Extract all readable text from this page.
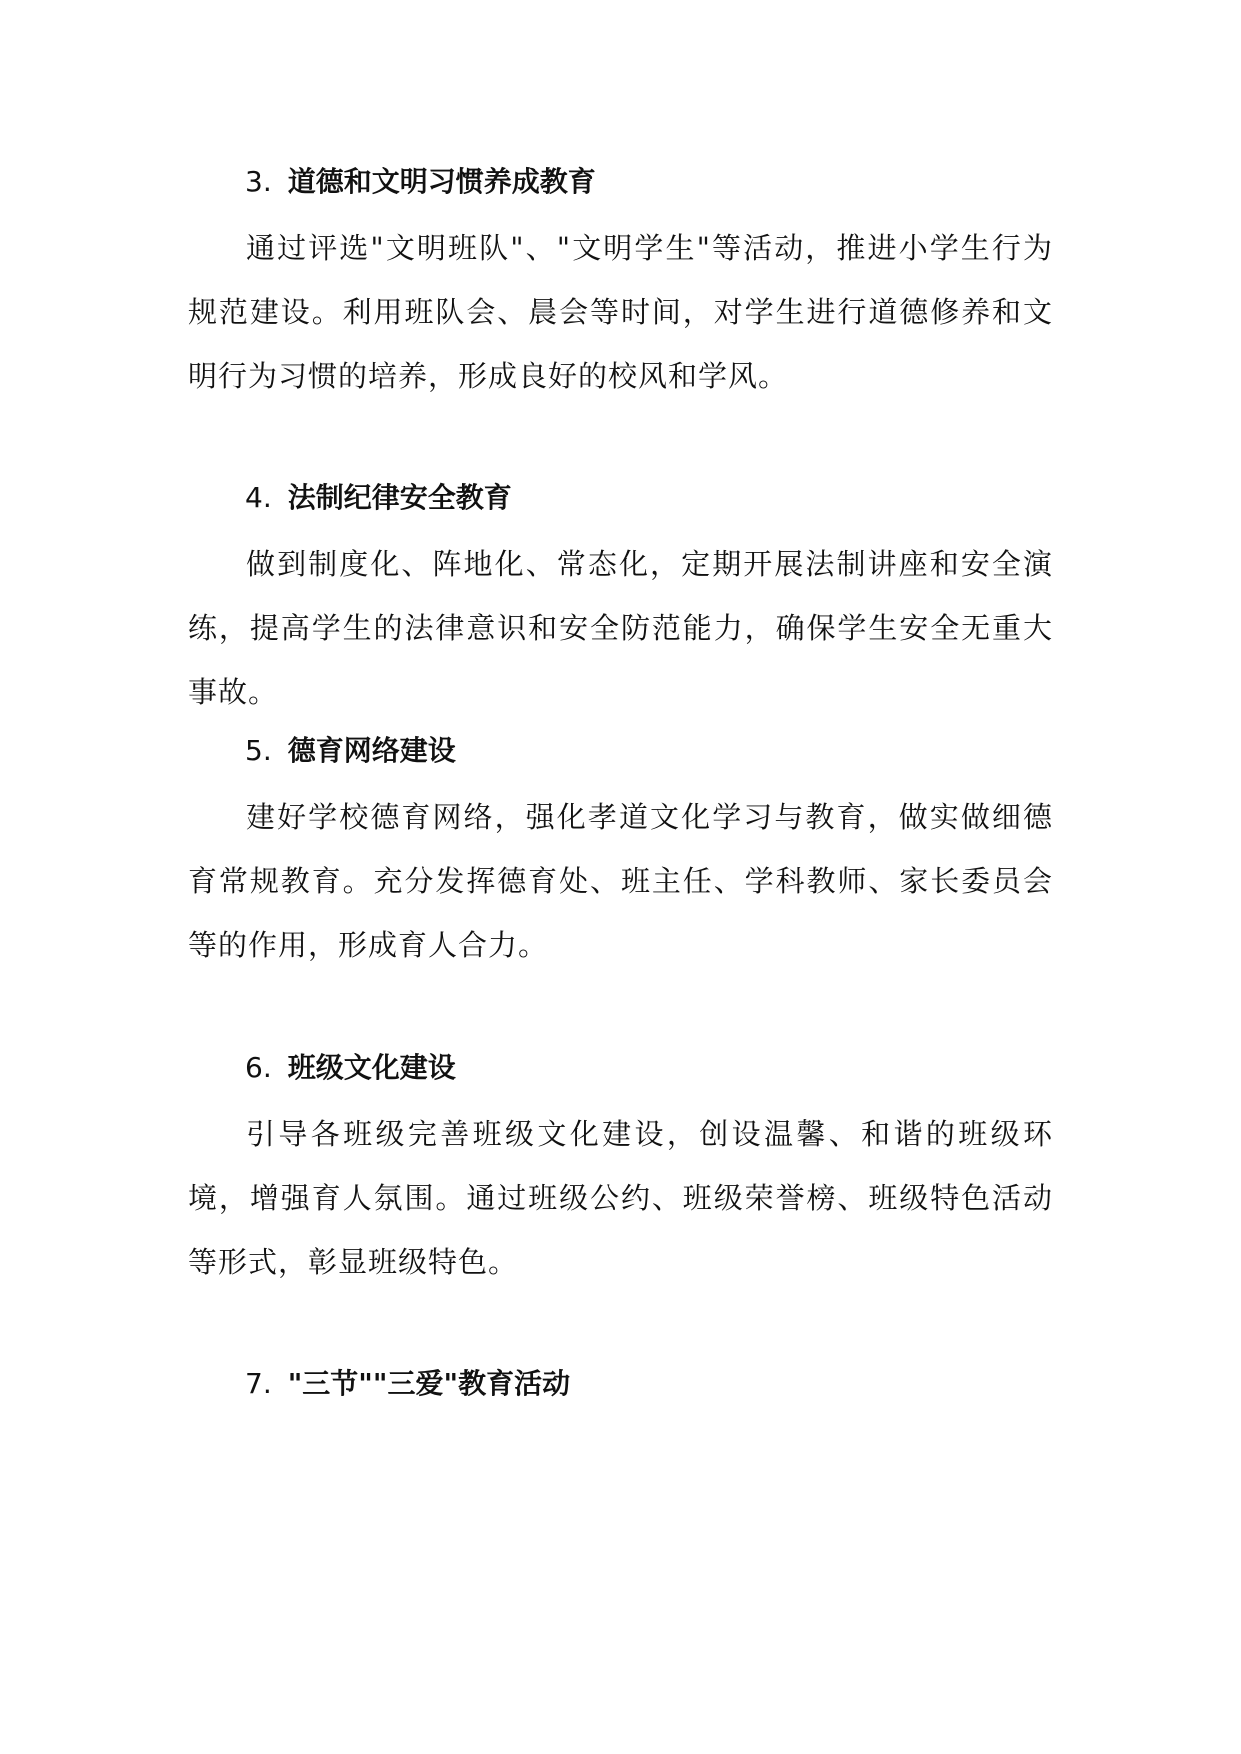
3. 道德和文明习惯养成教育
通过评选"文明班队"、"文明学生"等活动，推进小学生行为规范建设。利用班队会、晨会等时间，对学生进行道德修养和文明行为习惯的培养，形成良好的校风和学风。
4. 法制纪律安全教育
做到制度化、阵地化、常态化，定期开展法制讲座和安全演练，提高学生的法律意识和安全防范能力，确保学生安全无重大事故。
5. 德育网络建设
建好学校德育网络，强化孝道文化学习与教育，做实做细德育常规教育。充分发挥德育处、班主任、学科教师、家长委员会等的作用，形成育人合力。
6. 班级文化建设
引导各班级完善班级文化建设，创设温馨、和谐的班级环境，增强育人氛围。通过班级公约、班级荣誉榜、班级特色活动等形式，彰显班级特色。
7. "三节""三爱"教育活动
